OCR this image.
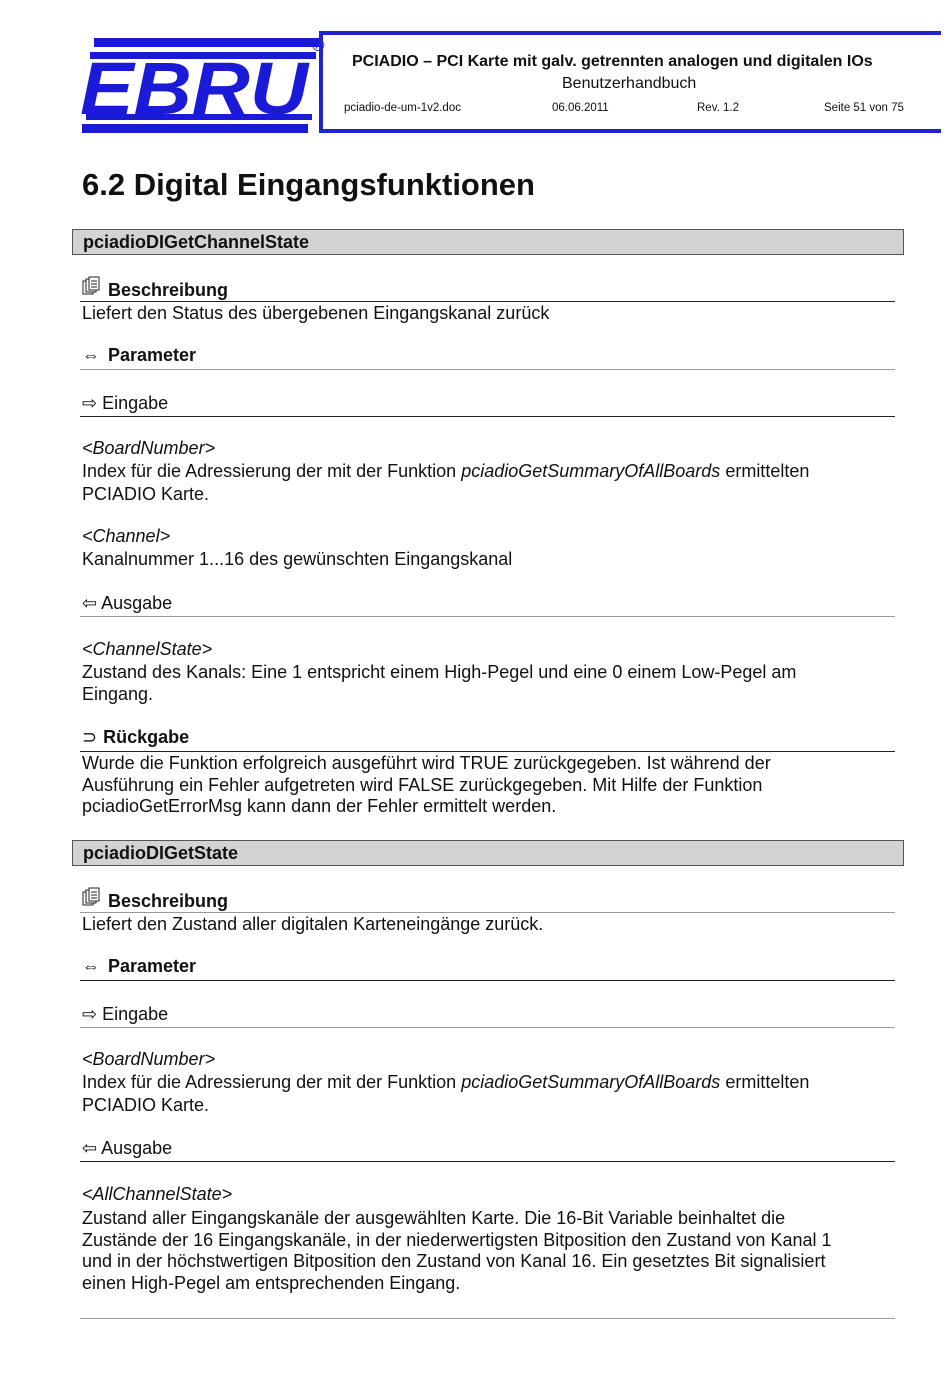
EBRU
®
PCIADIO – PCI Karte mit galv. getrennten analogen und digitalen IOs
Benutzerhandbuch
pciadio-de-um-1v2.doc	06.06.2011	Rev. 1.2	Seite 51 von 75
6.2 Digital Eingangsfunktionen
pciadioDIGetChannelState
Beschreibung
Liefert den Status des übergebenen Eingangskanal zurück
⇔ Parameter
⇨ Eingabe
<BoardNumber>
Index für die Adressierung der mit der Funktion pciadioGetSummaryOfAllBoards ermittelten
PCIADIO Karte.
<Channel>
Kanalnummer 1...16 des gewünschten Eingangskanal
⇦ Ausgabe
<ChannelState>
Zustand des Kanals: Eine 1 entspricht einem High-Pegel und eine 0 einem Low-Pegel am
Eingang.
⊃ Rückgabe
Wurde die Funktion erfolgreich ausgeführt wird TRUE zurückgegeben. Ist während der
Ausführung ein Fehler aufgetreten wird FALSE zurückgegeben. Mit Hilfe der Funktion
pciadioGetErrorMsg kann dann der Fehler ermittelt werden.
pciadioDIGetState
Beschreibung
Liefert den Zustand aller digitalen Karteneingänge zurück.
⇔ Parameter
⇨ Eingabe
<BoardNumber>
Index für die Adressierung der mit der Funktion pciadioGetSummaryOfAllBoards ermittelten
PCIADIO Karte.
⇦ Ausgabe
<AllChannelState>
Zustand aller Eingangskanäle der ausgewählten Karte. Die 16-Bit Variable beinhaltet die
Zustände der 16 Eingangskanäle, in der niederwertigsten Bitposition den Zustand von Kanal 1
und in der höchstwertigen Bitposition den Zustand von Kanal 16. Ein gesetztes Bit signalisiert
einen High-Pegel am entsprechenden Eingang.
